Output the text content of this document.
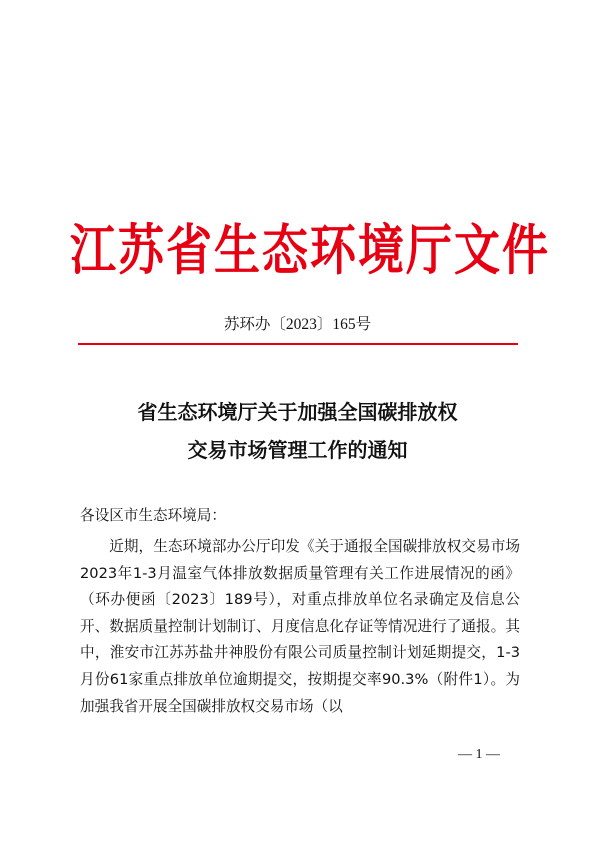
江苏省生态环境厅文件
苏环办〔2023〕165号
省生态环境厅关于加强全国碳排放权
交易市场管理工作的通知
各设区市生态环境局：
近期，生态环境部办公厅印发《关于通报全国碳排放权交易市场2023年1-3月温室气体排放数据质量管理有关工作进展情况的函》（环办便函〔2023〕189号），对重点排放单位名录确定及信息公开、数据质量控制计划制订、月度信息化存证等情况进行了通报。其中，淮安市江苏苏盐井神股份有限公司质量控制计划延期提交，1-3月份61家重点排放单位逾期提交，按期提交率90.3%（附件1）。为加强我省开展全国碳排放权交易市场（以
— 1 —
